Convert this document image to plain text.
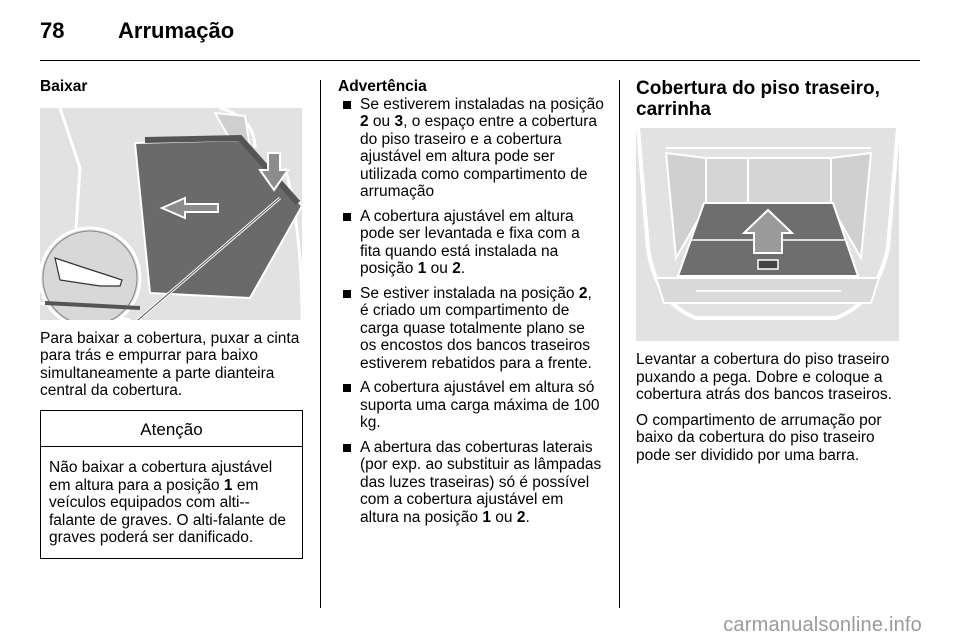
78 Arrumação
Baixar

Para baixar a cobertura, puxar a cinta para trás e empurrar para baixo simultaneamente a parte dianteira central da cobertura.

Atenção
Não baixar a cobertura ajustável em altura para a posição 1 em veículos equipados com alti--falante de graves. O alti-falante de graves poderá ser danificado.
Advertência
Se estiverem instaladas na posição 2 ou 3, o espaço entre a cobertura do piso traseiro e a cobertura ajustável em altura pode ser utilizada como compartimento de arrumação
A cobertura ajustável em altura pode ser levantada e fixa com a fita quando está instalada na posição 1 ou 2.
Se estiver instalada na posição 2, é criado um compartimento de carga quase totalmente plano se os encostos dos bancos traseiros estiverem rebatidos para a frente.
A cobertura ajustável em altura só suporta uma carga máxima de 100 kg.
A abertura das coberturas laterais (por exp. ao substituir as lâmpadas das luzes traseiras) só é possível com a cobertura ajustável em altura na posição 1 ou 2.
Cobertura do piso traseiro, carrinha

Levantar a cobertura do piso traseiro puxando a pega. Dobre e coloque a cobertura atrás dos bancos traseiros.

O compartimento de arrumação por baixo da cobertura do piso traseiro pode ser dividido por uma barra.

carmanualsonline.info
